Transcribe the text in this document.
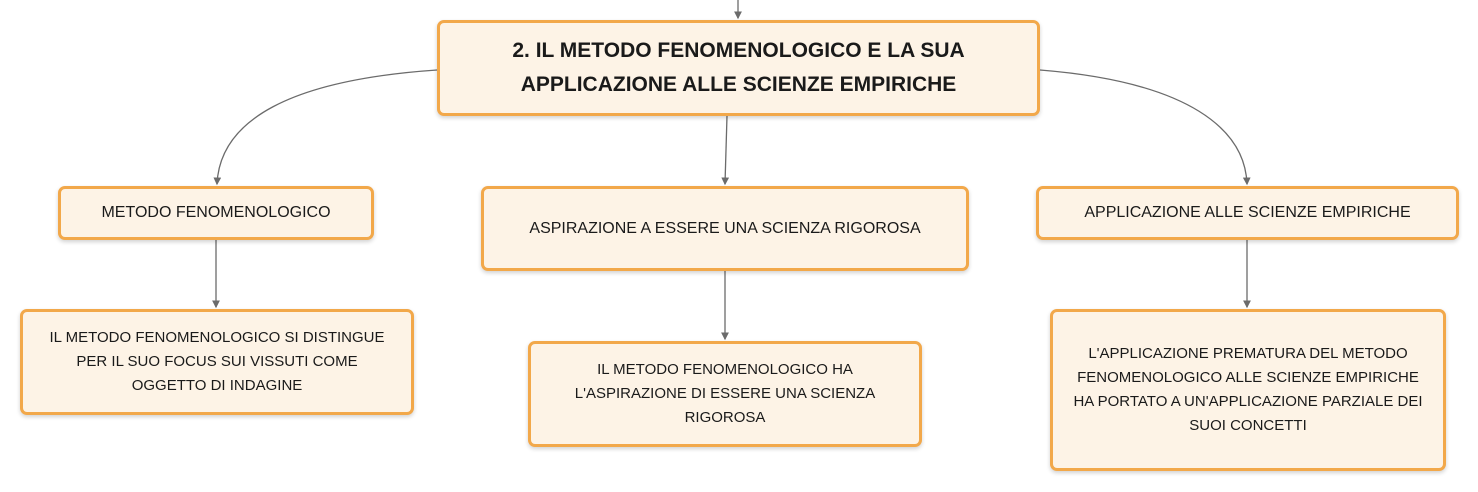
2. IL METODO FENOMENOLOGICO E LA SUA
APPLICAZIONE ALLE SCIENZE EMPIRICHE
METODO FENOMENOLOGICO
ASPIRAZIONE A ESSERE UNA SCIENZA RIGOROSA
APPLICAZIONE ALLE SCIENZE EMPIRICHE
IL METODO FENOMENOLOGICO SI DISTINGUE PER IL SUO FOCUS SUI VISSUTI COME OGGETTO DI INDAGINE
IL METODO FENOMENOLOGICO HA L'ASPIRAZIONE DI ESSERE UNA SCIENZA RIGOROSA
L'APPLICAZIONE PREMATURA DEL METODO FENOMENOLOGICO ALLE SCIENZE EMPIRICHE HA PORTATO A UN'APPLICAZIONE PARZIALE DEI SUOI CONCETTI
